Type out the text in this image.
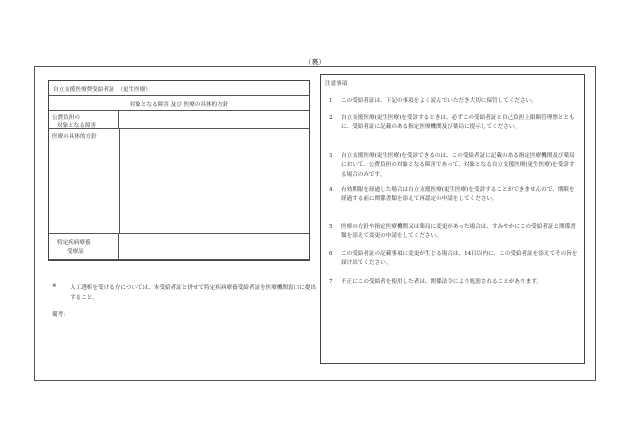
（裏）
自立支援医療費受給者証　（更生医療）
対象となる障害 及び 医療の具体的方針
公費負担の
対象となる障害
医療の具体的方針
特定疾病療養
受療証
※ 人工透析を受ける方については、本受給者証と併せて特定疾病療養受給者証を医療機関窓口に提出すること。
備考：
注意事項
1	この受給者証は、下記の事項をよく読んでいただき大切に保管してください。
2	自立支援医療(更生医療)を受診するときは、必ずこの受給者証と自己負担上限額管理票とともに、受給者証に記載のある指定医療機関及び薬局に提示してください。
3	自立支援医療(更生医療)を受診できるのは、この受給者証に記載のある指定医療機関及び薬局において、公費負担の対象となる障害であって、対象となる自立支援医療(更生医療)を受診する場合のみです。
4	有効期限を経過した場合は自立支援医療(更生医療)を受診することができませんので、期限を経過する前に関係書類を添えて再認定の申請をしてください。
5	医療の方針や指定医療機関又は薬局に変更があった場合は、すみやかにこの受給者証と関係書類を添えて変更の申請をしてください。
6	この受給者証の記載事項に変更が生じる場合は、14日以内に、この受給者証を添えてその旨を届け出てください。
7	不正にこの受給者を使用した者は、関係法令により処罰されることがあります。
